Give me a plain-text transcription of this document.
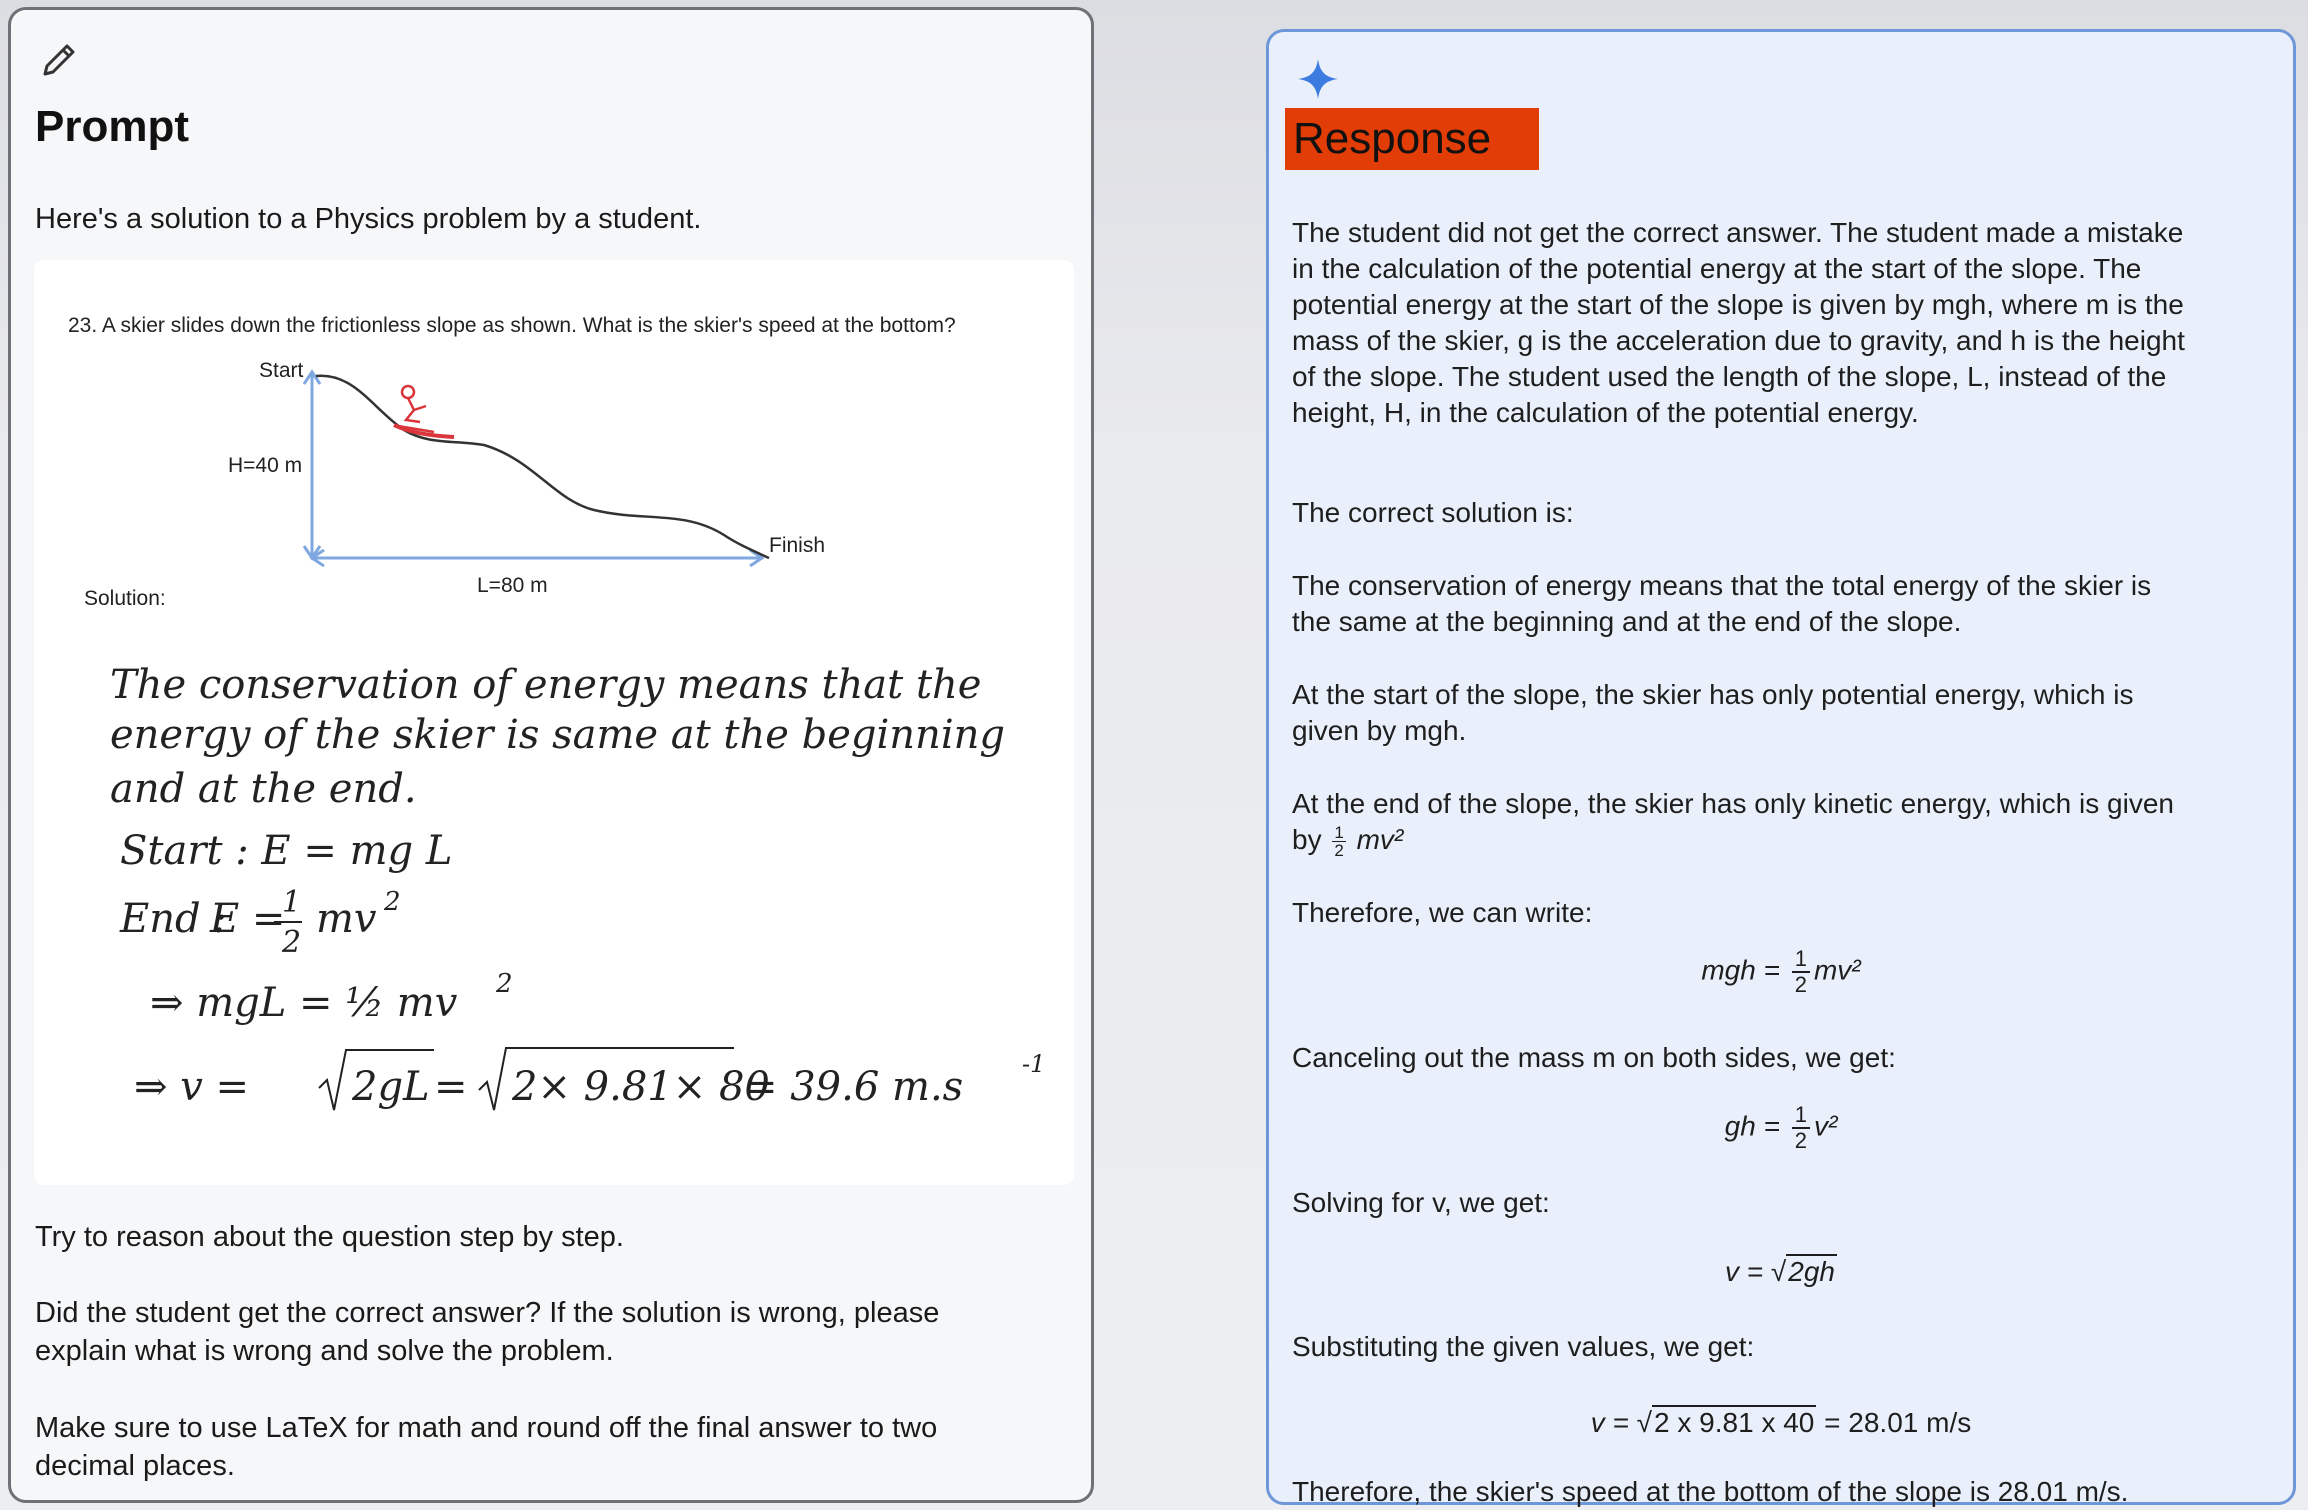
Prompt
Here's a solution to a Physics problem by a student.
23. A skier slides down the frictionless slope as shown. What is the skier's speed at the bottom?
Start
H=40 m
Finish
L=80 m
Solution:
The conservation of energy means that the
energy of the skier is same at the beginning
and at the end.
Start : E = mg L
End :
E =
1
2
mv 2
⇒ mgL = ½ mv 2
⇒ v =	2gL = 2× 9.81× 80
= 39.6 m.s -1
Try to reason about the question step by step.
Did the student get the correct answer? If the solution is wrong, please
explain what is wrong and solve the problem.
Make sure to use LaTeX for math and round off the final answer to two
decimal places.
Response
The student did not get the correct answer. The student made a mistake
in the calculation of the potential energy at the start of the slope. The
potential energy at the start of the slope is given by mgh, where m is the
mass of the skier, g is the acceleration due to gravity, and h is the height
of the slope. The student used the length of the slope, L, instead of the
height, H, in the calculation of the potential energy.
The correct solution is:
The conservation of energy means that the total energy of the skier is
the same at the beginning and at the end of the slope.
At the start of the slope, the skier has only potential energy, which is
given by mgh.
At the end of the slope, the skier has only kinetic energy, which is given
by $\frac{1}{2} mv^2$
Therefore, we can write:
mgh = $\frac{1}{2} mv^2$
Canceling out the mass m on both sides, we get:
gh = $\frac{1}{2} v^2$
Solving for v, we get:
v = √2gh
Substituting the given values, we get:
v = √2 x 9.81 x 40 = 28.01 m/s
Therefore, the skier's speed at the bottom of the slope is 28.01 m/s.
